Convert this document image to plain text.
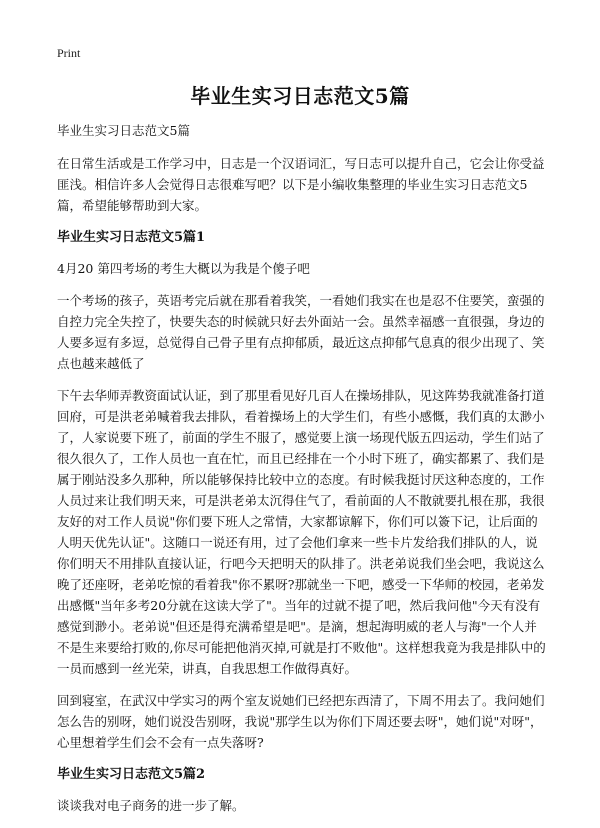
Print
毕业生实习日志范文5篇

毕业生实习日志范文5篇

在日常生活或是工作学习中，日志是一个汉语词汇，写日志可以提升自己，它会让你受益匪浅。相信许多人会觉得日志很难写吧？以下是小编收集整理的毕业生实习日志范文5篇，希望能够帮助到大家。

毕业生实习日志范文5篇1

4月20 第四考场的考生大概以为我是个傻子吧

一个考场的孩子，英语考完后就在那看着我笑，一看她们我实在也是忍不住要笑，蛮强的自控力完全失控了，快要失态的时候就只好去外面站一会。虽然幸福感一直很强，身边的人要多逗有多逗，总觉得自己骨子里有点抑郁质，最近这点抑郁气息真的很少出现了、笑点也越来越低了

下午去华师弄教资面试认证，到了那里看见好几百人在操场排队，见这阵势我就准备打道回府，可是洪老弟喊着我去排队，看着操场上的大学生们，有些小感慨，我们真的太渺小了，人家说要下班了，前面的学生不服了，感觉要上演一场现代版五四运动，学生们站了很久很久了，工作人员也一直在忙，而且已经排在一个小时下班了，确实都累了、我们是属于刚站没多久那种，所以能够保持比较中立的态度。有时候我挺讨厌这种态度的，工作人员过来让我们明天来，可是洪老弟太沉得住气了，看前面的人不散就要扎根在那，我很友好的对工作人员说"你们要下班人之常情，大家都谅解下，你们可以簽下记，让后面的人明天优先认证"。这随口一说还有用，过了会他们拿来一些卡片发给我们排队的人，说你们明天不用排队直接认证，行吧今天把明天的队排了。洪老弟说我们坐会吧，我说这么晚了还座呀，老弟吃惊的看着我"你不累呀?那就坐一下吧，感受一下华师的校园，老弟发出感慨"当年多考20分就在这读大学了"。当年的过就不提了吧，然后我问他"今天有没有感觉到渺小。老弟说"但还是得充满希望是吧"。是滴，想起海明威的老人与海"一个人并不是生来要给打败的,你尽可能把他消灭掉,可就是打不败他"。这样想我竟为我是排队中的一员而感到一丝光荣，讲真，自我思想工作做得真好。

回到寝室，在武汉中学实习的两个室友说她们已经把东西清了，下周不用去了。我问她们怎么告的别呀，她们说没告别呀，我说"那学生以为你们下周还要去呀"，她们说"对呀"，心里想着学生们会不会有一点失落呀?

毕业生实习日志范文5篇2

谈谈我对电子商务的进一步了解。
